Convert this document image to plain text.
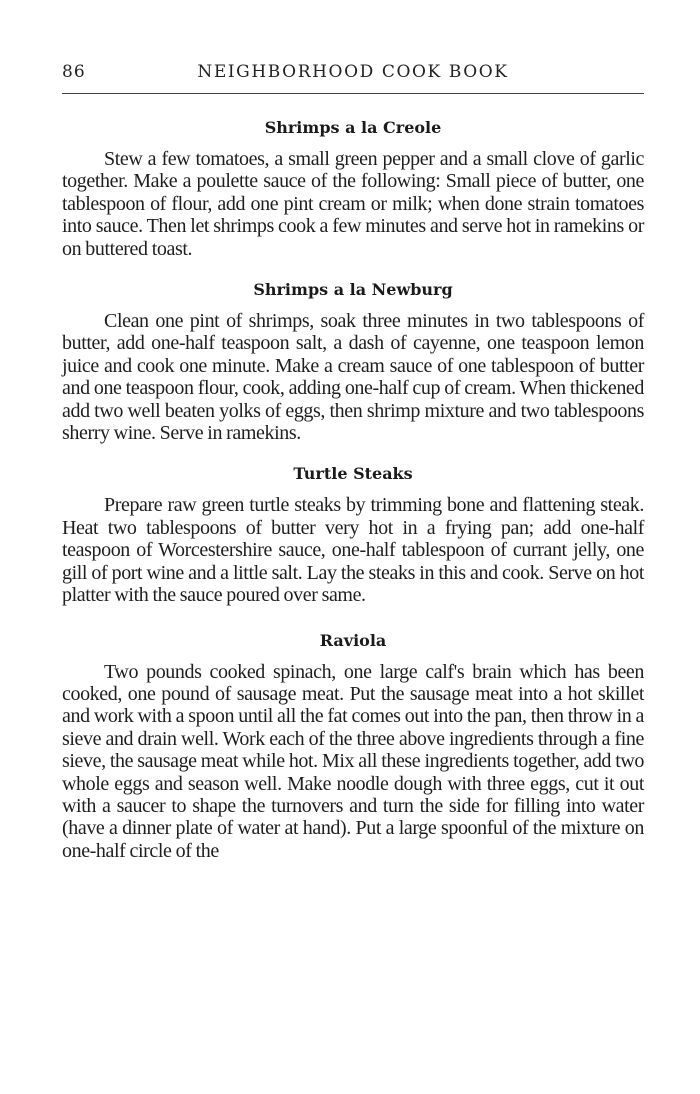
86	NEIGHBORHOOD COOK BOOK
Shrimps a la Creole

Stew a few tomatoes, a small green pepper and a small clove of garlic together. Make a poulette sauce of the following: Small piece of butter, one tablespoon of flour, add one pint cream or milk; when done strain tomatoes into sauce. Then let shrimps cook a few minutes and serve hot in ramekins or on buttered toast.

Shrimps a la Newburg

Clean one pint of shrimps, soak three minutes in two tablespoons of butter, add one-half teaspoon salt, a dash of cayenne, one teaspoon lemon juice and cook one minute. Make a cream sauce of one tablespoon of butter and one teaspoon flour, cook, adding one-half cup of cream. When thickened add two well beaten yolks of eggs, then shrimp mixture and two tablespoons sherry wine. Serve in ramekins.

Turtle Steaks

Prepare raw green turtle steaks by trimming bone and flattening steak. Heat two tablespoons of butter very hot in a frying pan; add one-half teaspoon of Worcestershire sauce, one-half tablespoon of currant jelly, one gill of port wine and a little salt. Lay the steaks in this and cook. Serve on hot platter with the sauce poured over same.

Raviola

Two pounds cooked spinach, one large calf's brain which has been cooked, one pound of sausage meat. Put the sausage meat into a hot skillet and work with a spoon until all the fat comes out into the pan, then throw in a sieve and drain well. Work each of the three above ingredients through a fine sieve, the sausage meat while hot. Mix all these ingredients together, add two whole eggs and season well. Make noodle dough with three eggs, cut it out with a saucer to shape the turnovers and turn the side for filling into water (have a dinner plate of water at hand). Put a large spoonful of the mixture on one-half circle of the
